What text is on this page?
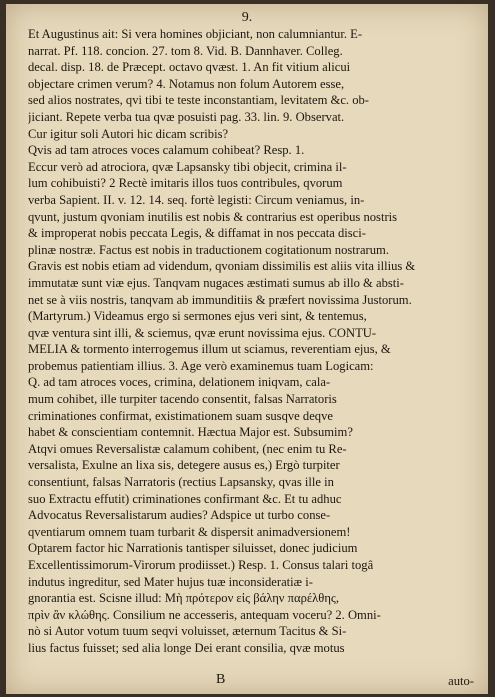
9.
Et Augustinus ait: Si vera homines objiciant, non calumniantur. E-
narrat. Pf. 118. concion. 27. tom 8. Vid. B. Dannhaver. Colleg.
decal. disp. 18. de Præcept. octavo qvæst. 1. An fit vitium alicui
objectare crimen verum? 4. Notamus non folum Autorem esse,
sed alios nostrates, qvi tibi te teste inconstantiam, levitatem &c. ob-
jiciant. Repete verba tua qvæ posuisti pag. 33. lin. 9. Observat.
Cur igitur soli Autori hic dicam scribis?
Qvis ad tam atroces voces calamum cohibeat? Resp. 1.
Eccur verò ad atrociora, qvæ Lapsansky tibi objecit, crimina il-
lum cohibuisti? 2 Rectè imitaris illos tuos contribules, qvorum
verba Sapient. II. v. 12. 14. seq. fortè legisti: Circum veniamus, in-
qvunt, justum qvoniam inutilis est nobis & contrarius est operibus nostris
& improperat nobis peccata Legis, & diffamat in nos peccata disci-
plinæ nostræ. Factus est nobis in traductionem cogitationum nostrarum.
Gravis est nobis etiam ad videndum, qvoniam dissimilis est aliis vita illius &
immutatæ sunt viæ ejus. Tanqvam nugaces æstimati sumus ab illo & absti-
net se à viis nostris, tanqvam ab immunditiis & præfert novissima Justorum.
(Martyrum.) Videamus ergo si sermones ejus veri sint, & tentemus,
qvæ ventura sint illi, & sciemus, qvæ erunt novissima ejus. CONTU-
MELIA & tormento interrogemus illum ut sciamus, reverentiam ejus, &
probemus patientiam illius. 3. Age verò examinemus tuam Logicam:
Q. ad tam atroces voces, crimina, delationem iniqvam, cala-
mum cohibet, ille turpiter tacendo consentit, falsas Narratoris
criminationes confirmat, existimationem suam susqve deqve
habet & conscientiam contemnit. Hæctua Major est. Subsumim?
Atqvi omues Reversalistæ calamum cohibent, (nec enim tu Re-
versalista, Exulne an lixa sis, detegere ausus es,) Ergò turpiter
consentiunt, falsas Narratoris (rectius Lapsansky, qvas ille in
suo Extractu effutit) criminationes confirmant &c. Et tu adhuc
Advocatus Reversalistarum audies? Adspice ut turbo conse-
qventiarum omnem tuam turbarit & dispersit animadversionem!
Optarem factor hic Narrationis tantisper siluisset, donec judicium
Excellentissimorum-Virorum prodiisset.) Resp. 1. Consus talari togâ
indutus ingreditur, sed Mater hujus tuæ inconsideratiæ i-
gnorantia est. Scisne illud: Μὴ πρότερον εἰς βάλην παρέλθης,
πρὶν ἂν κλώθης. Consilium ne accesseris, antequam voceru? 2. Omni-
nò si Autor votum tuum seqvi voluisset, æternum Tacitus & Si-
lius factus fuisset; sed alia longe Dei erant consilia, qvæ motus
B	auto-
